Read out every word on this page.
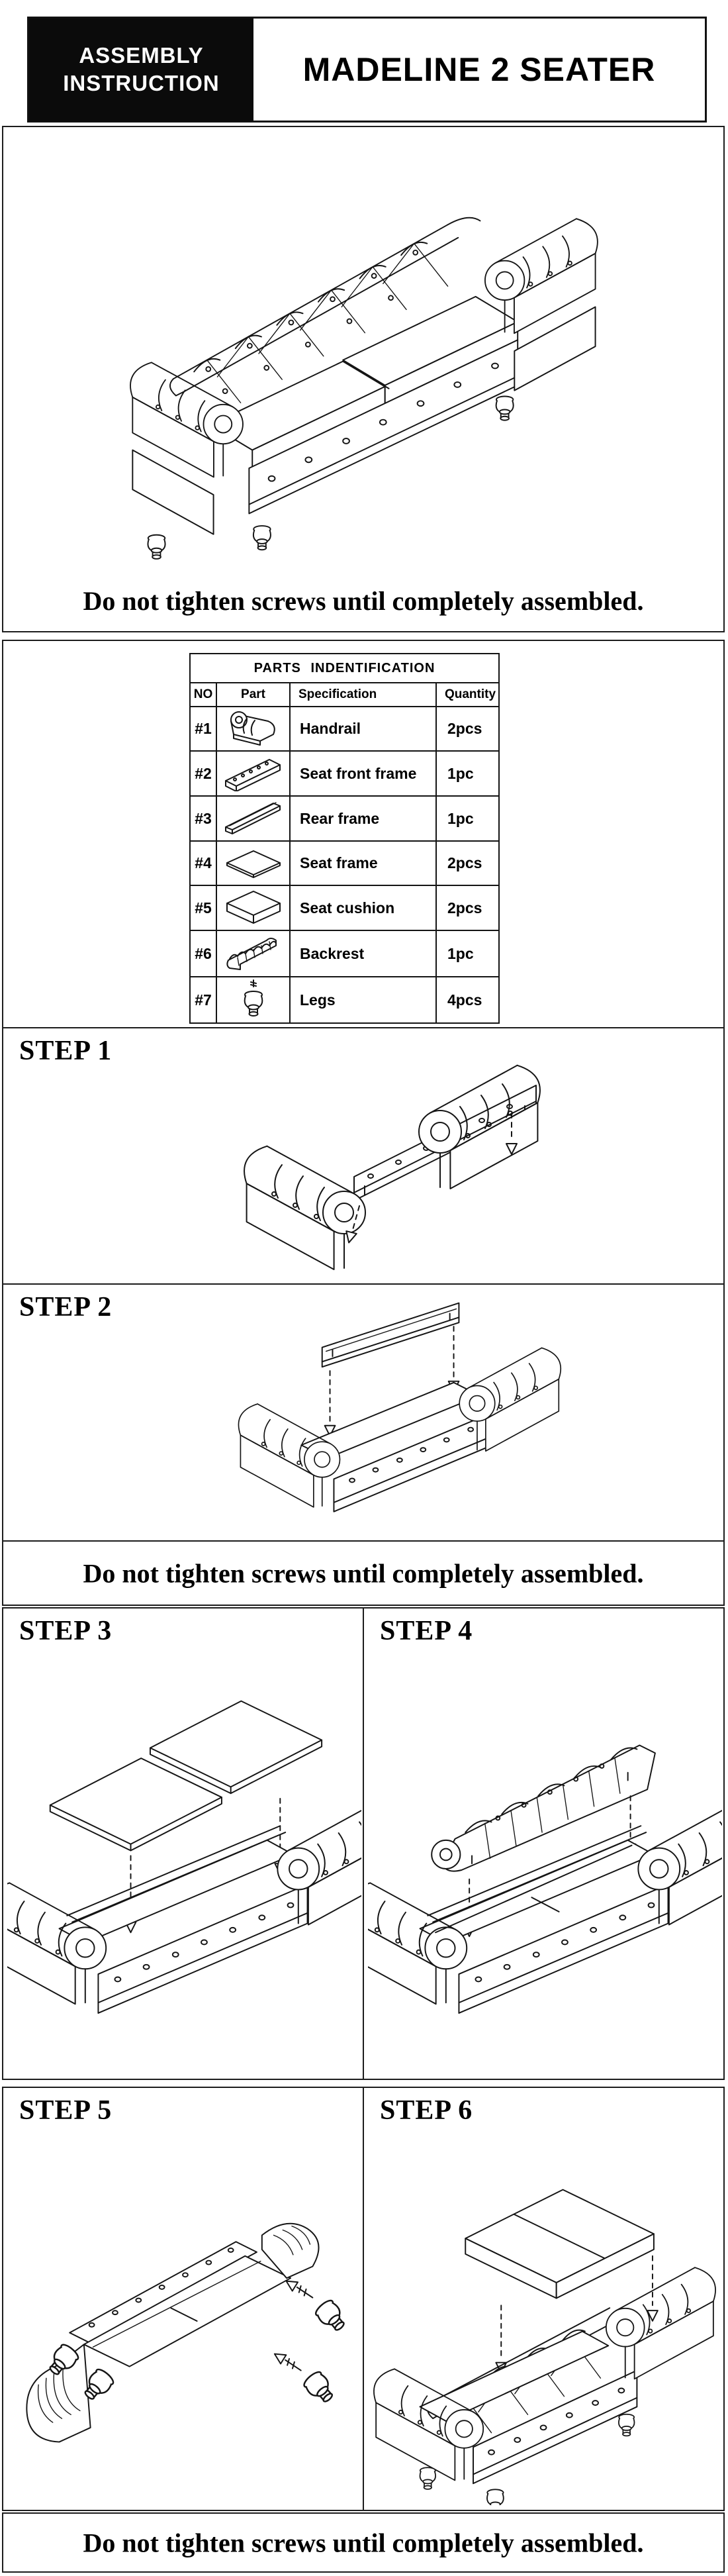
ASSEMBLY
INSTRUCTION	MADELINE 2 SEATER
Do not tighten screws until completely assembled.
PARTS INDENTIFICATION			
NO	Part	Specification	Quantity
#1		Handrail	2pcs
#2		Seat front frame	1pc
#3		Rear frame	1pc
#4		Seat frame	2pcs
#5		Seat cushion	2pcs
#6		Backrest	1pc
#7		Legs	4pcs
STEP 1
STEP 2
Do not tighten screws until completely assembled.
STEP 3	STEP 4
STEP 5	STEP 6
Do not tighten screws until completely assembled.
